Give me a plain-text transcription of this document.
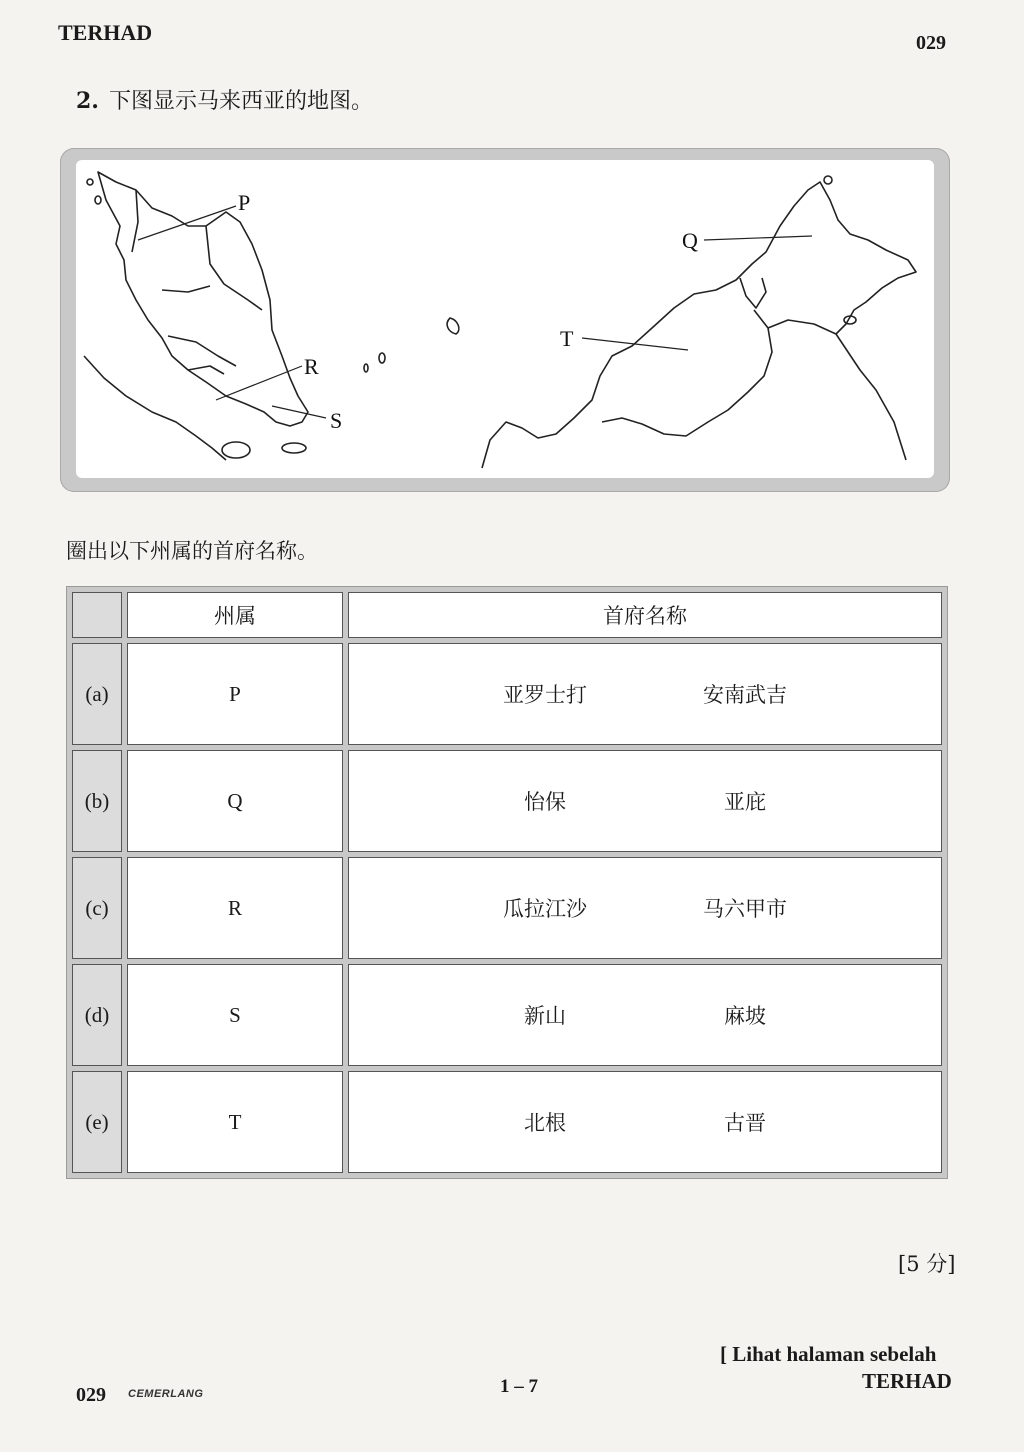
TERHAD	029
2. 下图显示马来西亚的地图。
P
R
S
Q
T
圈出以下州属的首府名称。
	州属	首府名称
(a)	P	亚罗士打 安南武吉

(b)	Q	怡保 亚庇

(c)	R	瓜拉江沙 马六甲市

(d)	S	新山 麻坡

(e)	T	北根 古晋
[5 分]
029 CEMERLANG	1 – 7
[ Lihat halaman sebelah
TERHAD
